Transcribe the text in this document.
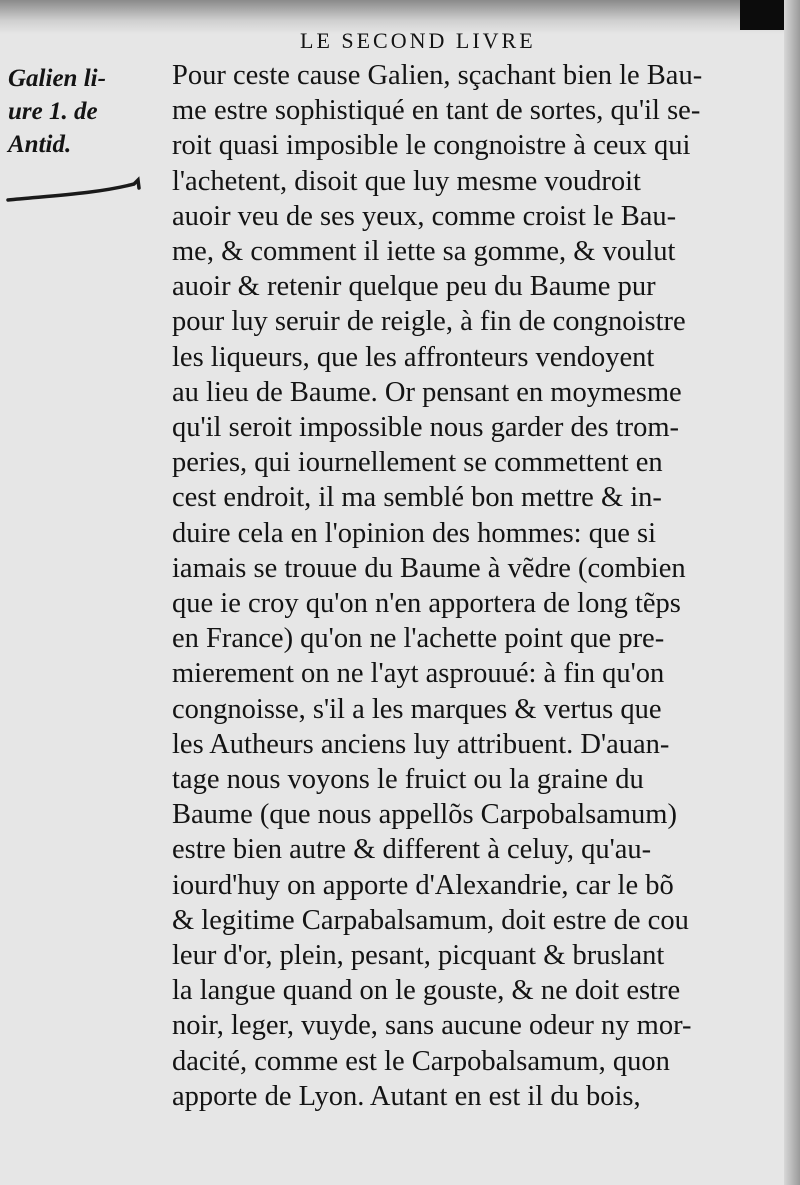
LE SECOND LIVRE
Galien li-
ure 1. de
Antid.
Pour ceste cause Galien, sçachant bien le Bau-
me estre sophistiqué en tant de sortes, qu'il se-
roit quasi imposible le congnoistre à ceux qui
l'achetent, disoit que luy mesme voudroit
auoir veu de ses yeux, comme croist le Bau-
me, & comment il iette sa gomme, & voulut
auoir & retenir quelque peu du Baume pur
pour luy seruir de reigle, à fin de congnoistre
les liqueurs, que les affronteurs vendoyent
au lieu de Baume. Or pensant en moymesme
qu'il seroit impossible nous garder des trom-
peries, qui iournellement se commettent en
cest endroit, il ma semblé bon mettre & in-
duire cela en l'opinion des hommes: que si
iamais se trouue du Baume à vẽdre (combien
que ie croy qu'on n'en apportera de long tẽps
en France) qu'on ne l'achette point que pre-
mierement on ne l'ayt asprouué: à fin qu'on
congnoisse, s'il a les marques & vertus que
les Autheurs anciens luy attribuent. D'auan-
tage nous voyons le fruict ou la graine du
Baume (que nous appellõs Carpobalsamum)
estre bien autre & different à celuy, qu'au-
iourd'huy on apporte d'Alexandrie, car le bõ
& legitime Carpabalsamum, doit estre de cou
leur d'or, plein, pesant, picquant & bruslant
la langue quand on le gouste, & ne doit estre
noir, leger, vuyde, sans aucune odeur ny mor-
dacité, comme est le Carpobalsamum, quon
apporte de Lyon. Autant en est il du bois,
